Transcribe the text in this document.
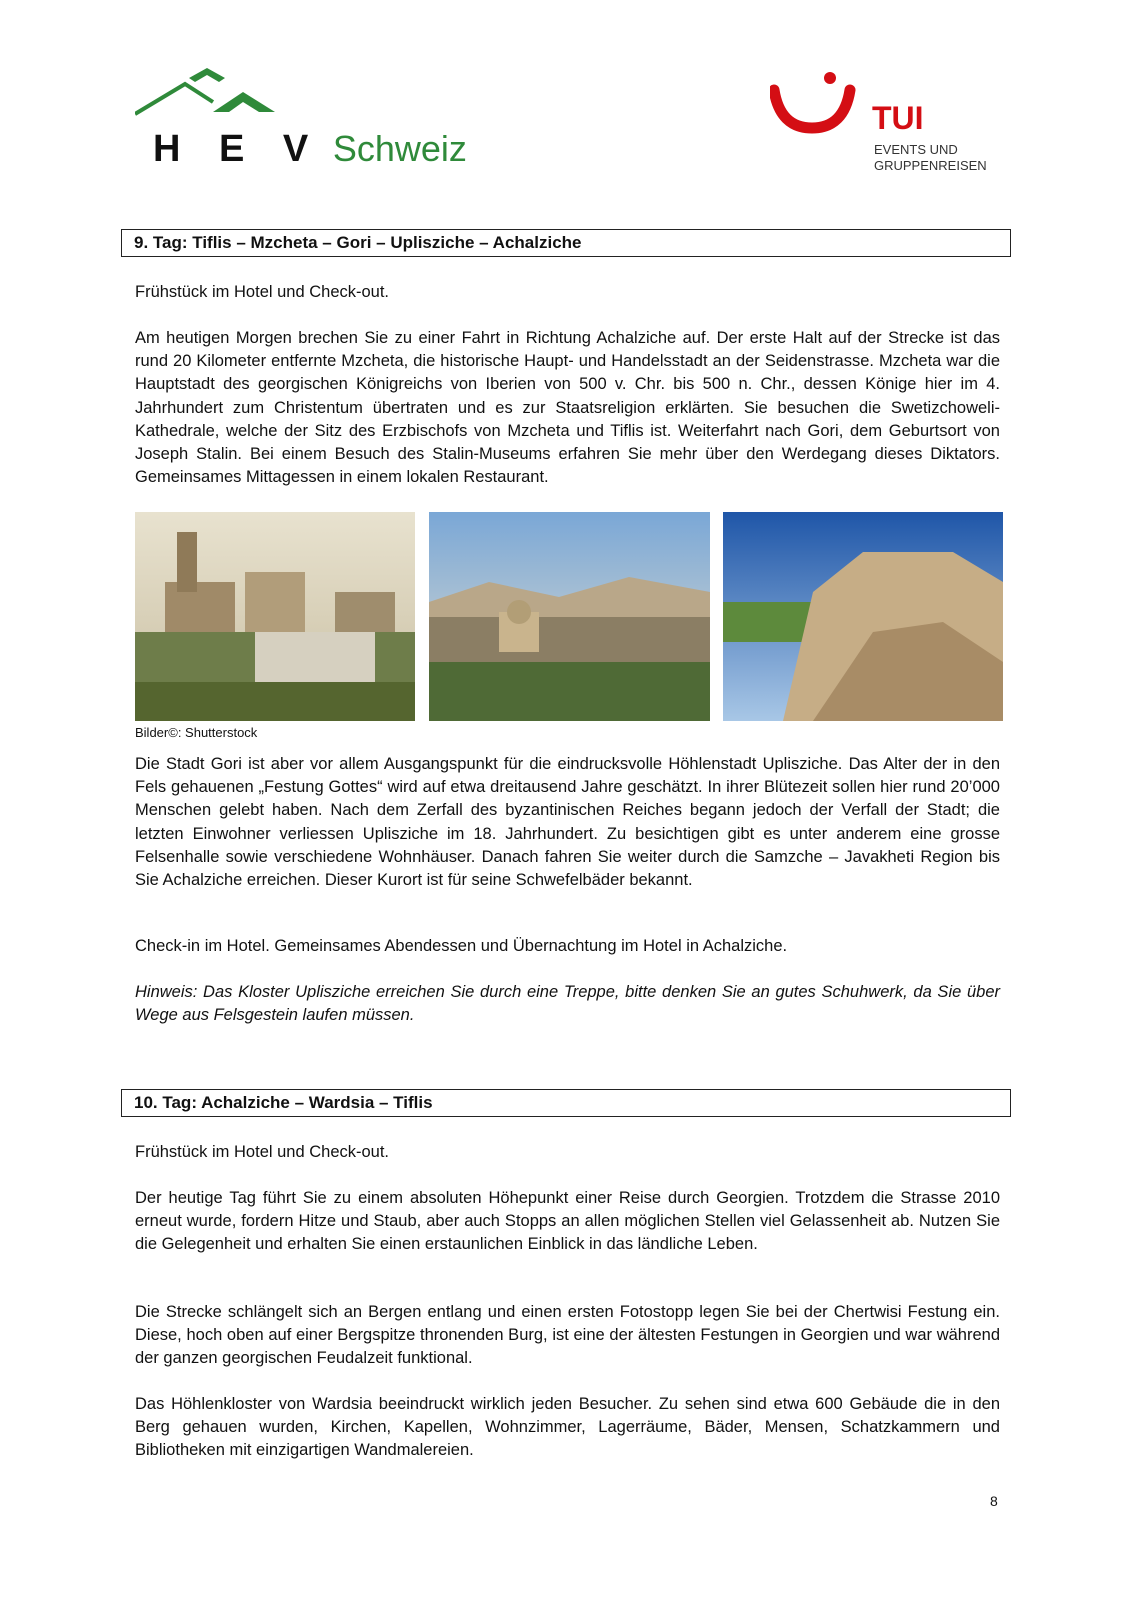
H E V Schweiz
TUI
EVENTS UND
GRUPPENREISEN
9. Tag: Tiflis – Mzcheta – Gori – Uplisziche – Achalziche
Frühstück im Hotel und Check-out.
Am heutigen Morgen brechen Sie zu einer Fahrt in Richtung Achalziche auf. Der erste Halt auf der Strecke ist das rund 20 Kilometer entfernte Mzcheta, die historische Haupt- und Handelsstadt an der Seidenstrasse. Mzcheta war die Hauptstadt des georgischen Königreichs von Iberien von 500 v. Chr. bis 500 n. Chr., dessen Könige hier im 4. Jahrhundert zum Christentum übertraten und es zur Staatsreligion erklärten. Sie besuchen die Swetizchoweli-Kathedrale, welche der Sitz des Erzbischofs von Mzcheta und Tiflis ist. Weiterfahrt nach Gori, dem Geburtsort von Joseph Stalin. Bei einem Besuch des Stalin-Museums erfahren Sie mehr über den Werdegang dieses Diktators. Gemeinsames Mittagessen in einem lokalen Restaurant.
Bilder©: Shutterstock
Die Stadt Gori ist aber vor allem Ausgangspunkt für die eindrucksvolle Höhlenstadt Uplisziche. Das Alter der in den Fels gehauenen „Festung Gottes“ wird auf etwa dreitausend Jahre geschätzt. In ihrer Blütezeit sollen hier rund 20’000 Menschen gelebt haben. Nach dem Zerfall des byzantinischen Reiches begann jedoch der Verfall der Stadt; die letzten Einwohner verliessen Uplisziche im 18. Jahrhundert. Zu besichtigen gibt es unter anderem eine grosse Felsenhalle sowie verschiedene Wohnhäuser. Danach fahren Sie weiter durch die Samzche – Javakheti Region bis Sie Achalziche erreichen. Dieser Kurort ist für seine Schwefelbäder bekannt.
Check-in im Hotel. Gemeinsames Abendessen und Übernachtung im Hotel in Achalziche.
Hinweis: Das Kloster Uplisziche erreichen Sie durch eine Treppe, bitte denken Sie an gutes Schuhwerk, da Sie über Wege aus Felsgestein laufen müssen.
10. Tag: Achalziche – Wardsia – Tiflis
Frühstück im Hotel und Check-out.
Der heutige Tag führt Sie zu einem absoluten Höhepunkt einer Reise durch Georgien. Trotzdem die Strasse 2010 erneut wurde, fordern Hitze und Staub, aber auch Stopps an allen möglichen Stellen viel Gelassenheit ab. Nutzen Sie die Gelegenheit und erhalten Sie einen erstaunlichen Einblick in das ländliche Leben.
Die Strecke schlängelt sich an Bergen entlang und einen ersten Fotostopp legen Sie bei der Chertwisi Festung ein. Diese, hoch oben auf einer Bergspitze thronenden Burg, ist eine der ältesten Festungen in Georgien und war während der ganzen georgischen Feudalzeit funktional.
Das Höhlenkloster von Wardsia beeindruckt wirklich jeden Besucher. Zu sehen sind etwa 600 Gebäude die in den Berg gehauen wurden, Kirchen, Kapellen, Wohnzimmer, Lagerräume, Bäder, Mensen, Schatzkammern und Bibliotheken mit einzigartigen Wandmalereien.
8
